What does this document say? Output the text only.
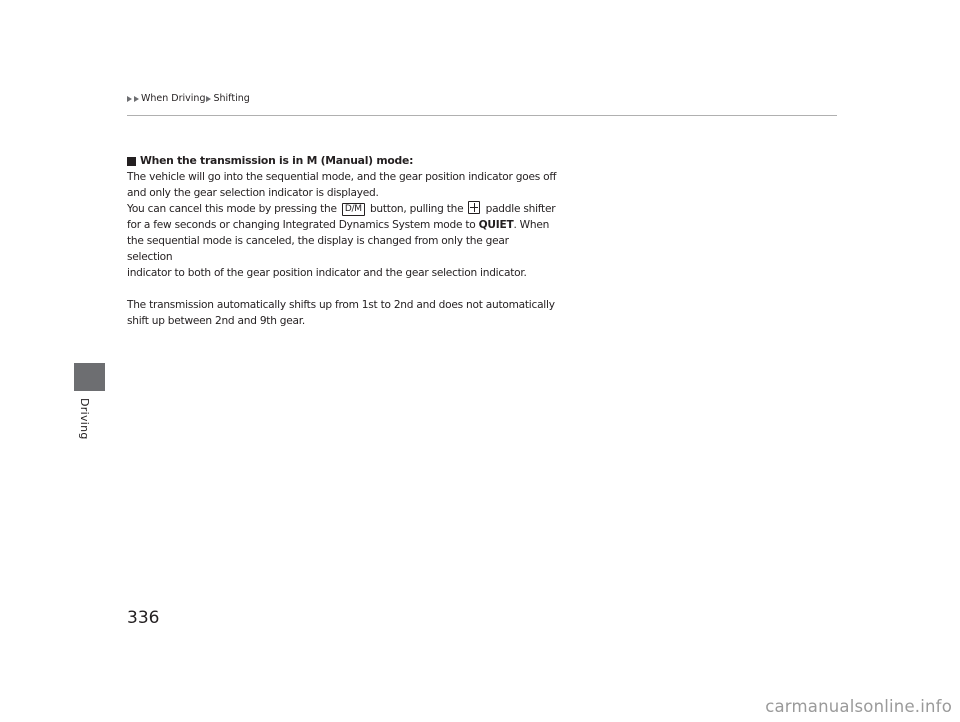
When Driving Shifting
Driving
When the transmission is in M (Manual) mode:

The vehicle will go into the sequential mode, and the gear position indicator goes off

and only the gear selection indicator is displayed.

You can cancel this mode by pressing the D/M button, pulling the paddle shifter

for a few seconds or changing Integrated Dynamics System mode to QUIET. When

the sequential mode is canceled, the display is changed from only the gear selection

indicator to both of the gear position indicator and the gear selection indicator.

The transmission automatically shifts up from 1st to 2nd and does not automatically

shift up between 2nd and 9th gear.

336
carmanualsonline.info
